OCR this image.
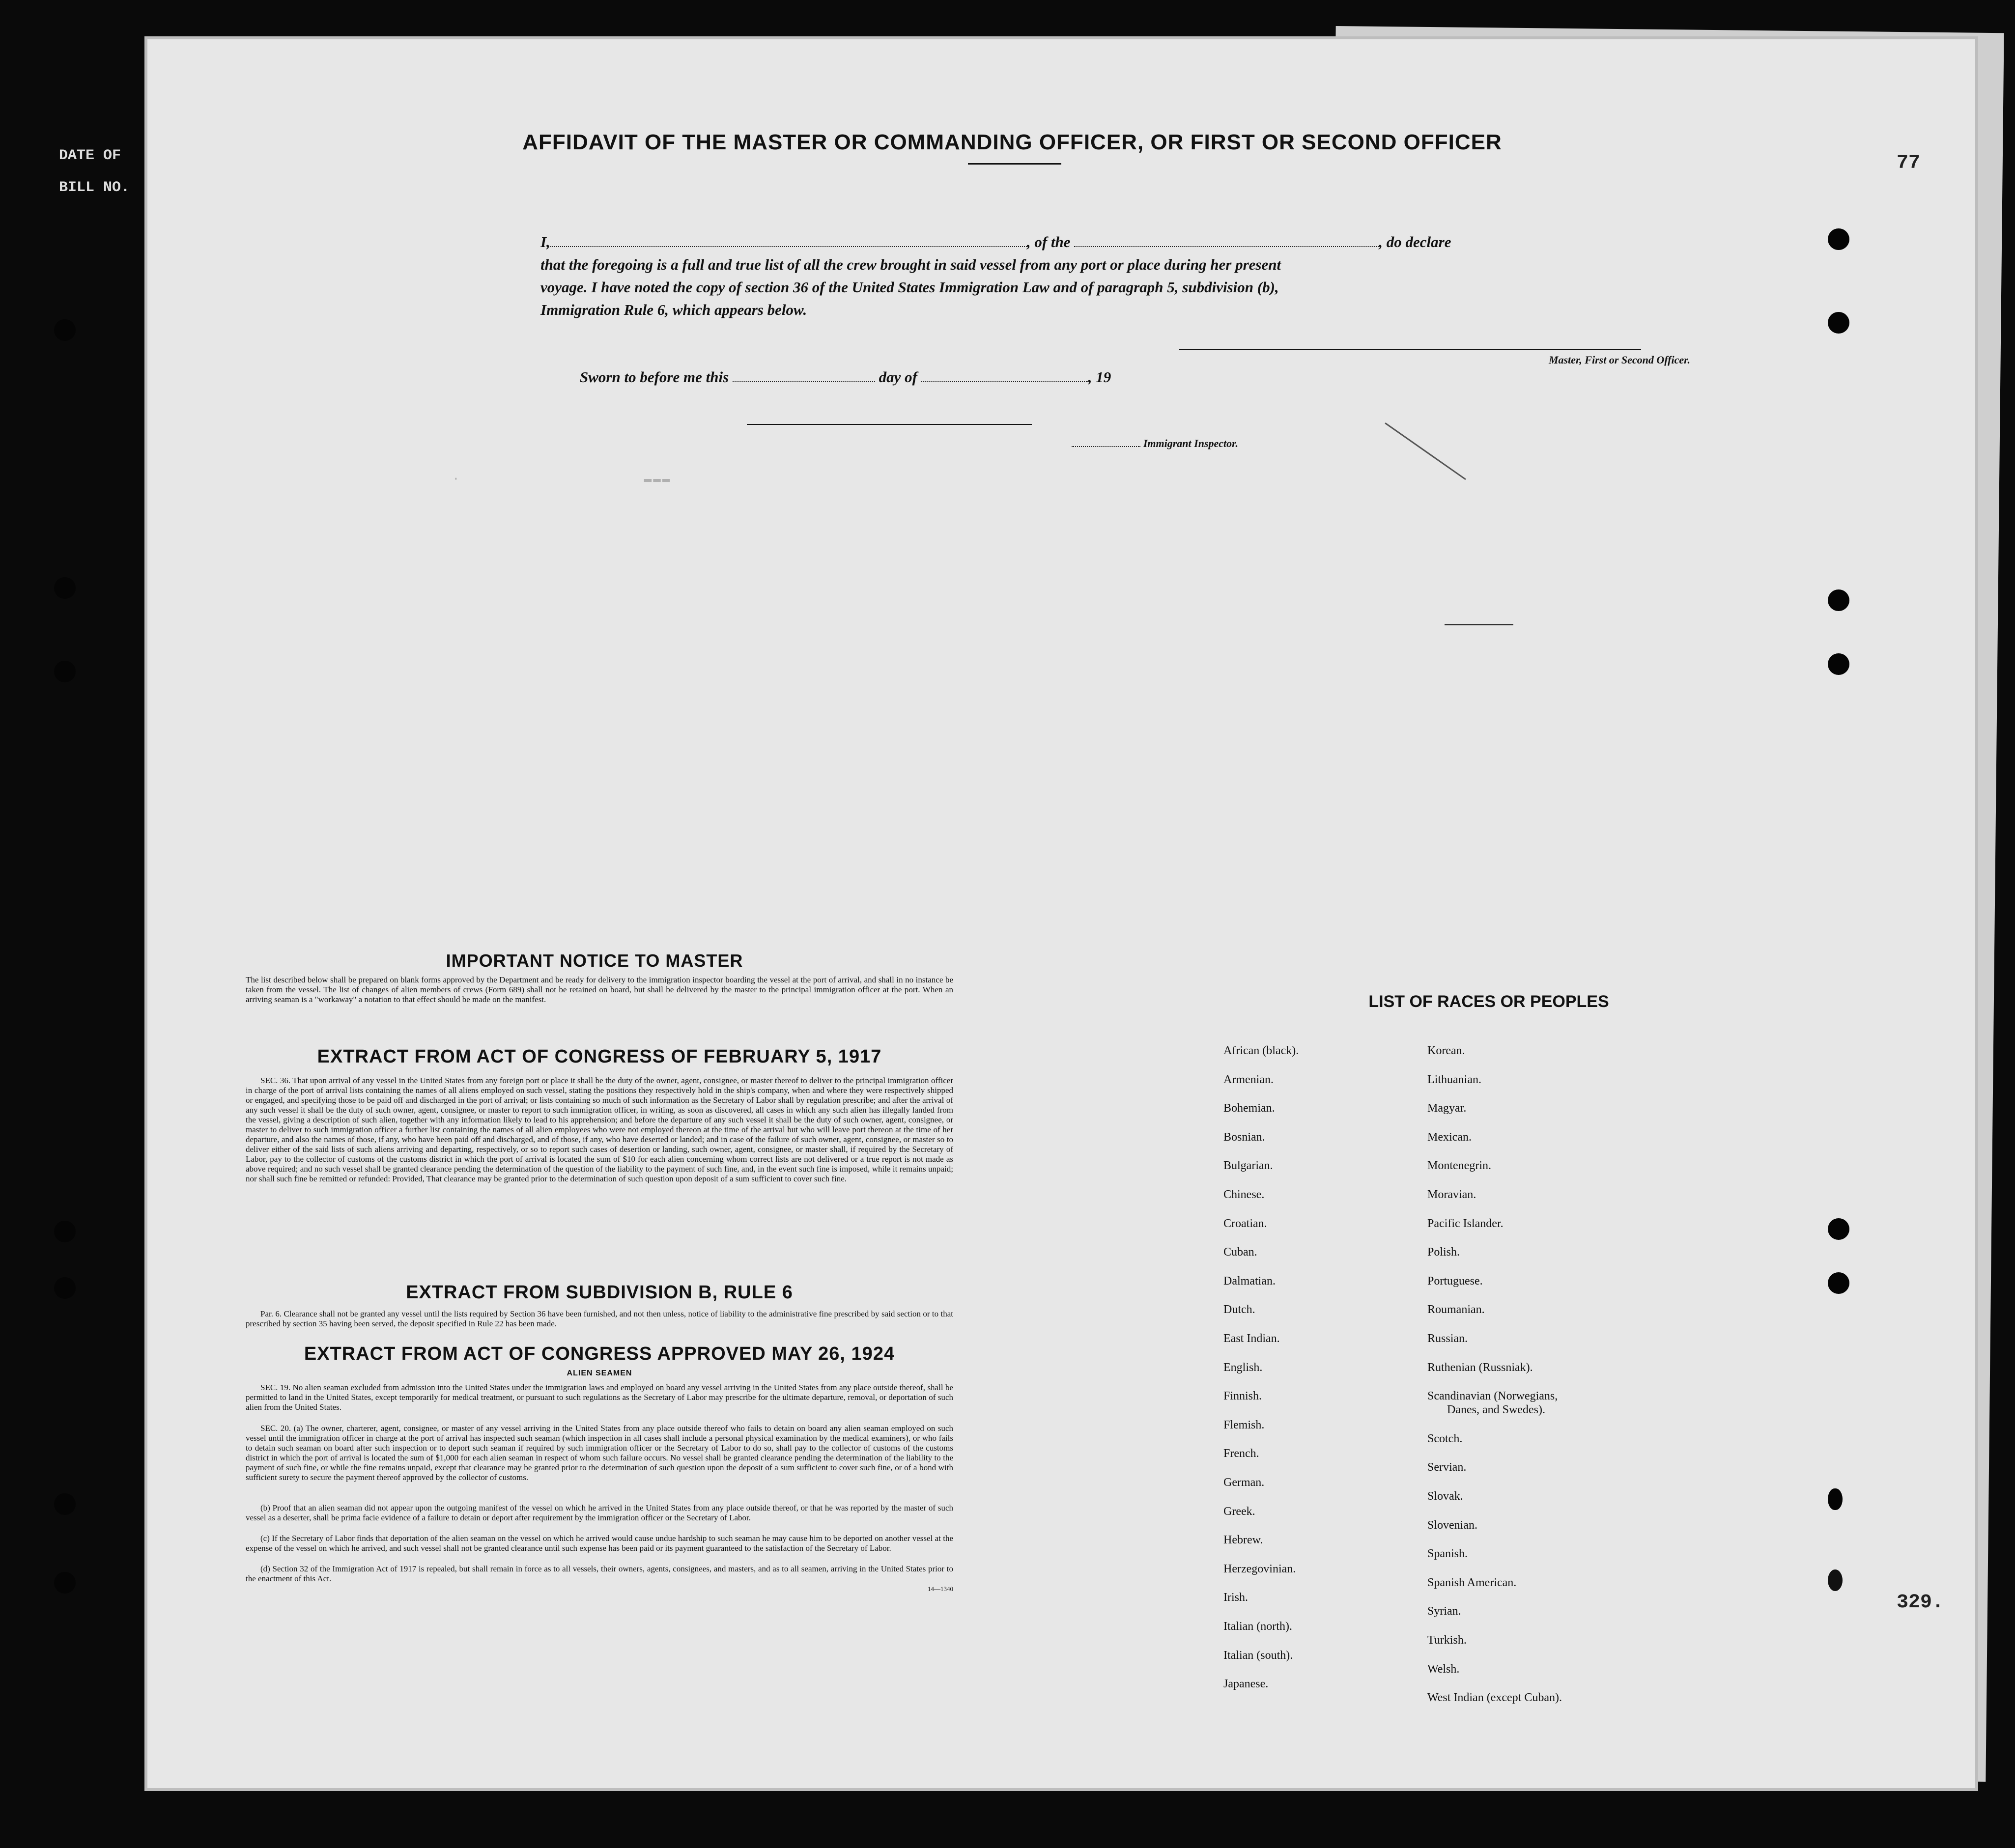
DATE OF
BILL NO.
·                    ▬▬▬
AFFIDAVIT OF THE MASTER OR COMMANDING OFFICER, OR FIRST OR SECOND OFFICER
I,	, of the	, do declare
that the foregoing is a full and true list of all the crew brought in said vessel from any port or place during her present
voyage. I have noted the copy of section 36 of the United States Immigration Law and of paragraph 5, subdivision (b),
Immigration Rule 6, which appears below.
Master, First or Second Officer.
Sworn to before me this	day of	, 19
Immigrant Inspector.
IMPORTANT NOTICE TO MASTER
The list described below shall be prepared on blank forms approved by the Department and be ready for delivery to the immigration inspector boarding the vessel at the port of arrival, and shall in no instance be taken from the vessel. The list of changes of alien members of crews (Form 689) shall not be retained on board, but shall be delivered by the master to the principal immigration officer at the port. When an arriving seaman is a "workaway" a notation to that effect should be made on the manifest.
EXTRACT FROM ACT OF CONGRESS OF FEBRUARY 5, 1917
SEC. 36. That upon arrival of any vessel in the United States from any foreign port or place it shall be the duty of the owner, agent, consignee, or master thereof to deliver to the principal immigration officer in charge of the port of arrival lists containing the names of all aliens employed on such vessel, stating the positions they respectively hold in the ship's company, when and where they were respectively shipped or engaged, and specifying those to be paid off and discharged in the port of arrival; or lists containing so much of such information as the Secretary of Labor shall by regulation prescribe; and after the arrival of any such vessel it shall be the duty of such owner, agent, consignee, or master to report to such immigration officer, in writing, as soon as discovered, all cases in which any such alien has illegally landed from the vessel, giving a description of such alien, together with any information likely to lead to his apprehension; and before the departure of any such vessel it shall be the duty of such owner, agent, consignee, or master to deliver to such immigration officer a further list containing the names of all alien employees who were not employed thereon at the time of the arrival but who will leave port thereon at the time of her departure, and also the names of those, if any, who have been paid off and discharged, and of those, if any, who have deserted or landed; and in case of the failure of such owner, agent, consignee, or master so to deliver either of the said lists of such aliens arriving and departing, respectively, or so to report such cases of desertion or landing, such owner, agent, consignee, or master shall, if required by the Secretary of Labor, pay to the collector of customs of the customs district in which the port of arrival is located the sum of $10 for each alien concerning whom correct lists are not delivered or a true report is not made as above required; and no such vessel shall be granted clearance pending the determination of the question of the liability to the payment of such fine, and, in the event such fine is imposed, while it remains unpaid; nor shall such fine be remitted or refunded: Provided, That clearance may be granted prior to the determination of such question upon deposit of a sum sufficient to cover such fine.
EXTRACT FROM SUBDIVISION B, RULE 6
Par. 6. Clearance shall not be granted any vessel until the lists required by Section 36 have been furnished, and not then unless, notice of liability to the administrative fine prescribed by said section or to that prescribed by section 35 having been served, the deposit specified in Rule 22 has been made.
EXTRACT FROM ACT OF CONGRESS APPROVED MAY 26, 1924
ALIEN SEAMEN
SEC. 19. No alien seaman excluded from admission into the United States under the immigration laws and employed on board any vessel arriving in the United States from any place outside thereof, shall be permitted to land in the United States, except temporarily for medical treatment, or pursuant to such regulations as the Secretary of Labor may prescribe for the ultimate departure, removal, or deportation of such alien from the United States.
SEC. 20. (a) The owner, charterer, agent, consignee, or master of any vessel arriving in the United States from any place outside thereof who fails to detain on board any alien seaman employed on such vessel until the immigration officer in charge at the port of arrival has inspected such seaman (which inspection in all cases shall include a personal physical examination by the medical examiners), or who fails to detain such seaman on board after such inspection or to deport such seaman if required by such immigration officer or the Secretary of Labor to do so, shall pay to the collector of customs of the customs district in which the port of arrival is located the sum of $1,000 for each alien seaman in respect of whom such failure occurs. No vessel shall be granted clearance pending the determination of the liability to the payment of such fine, or while the fine remains unpaid, except that clearance may be granted prior to the determination of such question upon the deposit of a sum sufficient to cover such fine, or of a bond with sufficient surety to secure the payment thereof approved by the collector of customs.
(b) Proof that an alien seaman did not appear upon the outgoing manifest of the vessel on which he arrived in the United States from any place outside thereof, or that he was reported by the master of such vessel as a deserter, shall be prima facie evidence of a failure to detain or deport after requirement by the immigration officer or the Secretary of Labor.
(c) If the Secretary of Labor finds that deportation of the alien seaman on the vessel on which he arrived would cause undue hardship to such seaman he may cause him to be deported on another vessel at the expense of the vessel on which he arrived, and such vessel shall not be granted clearance until such expense has been paid or its payment guaranteed to the satisfaction of the Secretary of Labor.
(d) Section 32 of the Immigration Act of 1917 is repealed, but shall remain in force as to all vessels, their owners, agents, consignees, and masters, and as to all seamen, arriving in the United States prior to the enactment of this Act.
14—1340
LIST OF RACES OR PEOPLES
77
329.
African (black).
Armenian.
Bohemian.
Bosnian.
Bulgarian.
Chinese.
Croatian.
Cuban.
Dalmatian.
Dutch.
East Indian.
English.
Finnish.
Flemish.
French.
German.
Greek.
Hebrew.
Herzegovinian.
Irish.
Italian (north).
Italian (south).
Japanese.
Korean.
Lithuanian.
Magyar.
Mexican.
Montenegrin.
Moravian.
Pacific Islander.
Polish.
Portuguese.
Roumanian.
Russian.
Ruthenian (Russniak).
Scandinavian (Norwegians,
Danes, and Swedes).
Scotch.
Servian.
Slovak.
Slovenian.
Spanish.
Spanish American.
Syrian.
Turkish.
Welsh.
West Indian (except Cuban).
